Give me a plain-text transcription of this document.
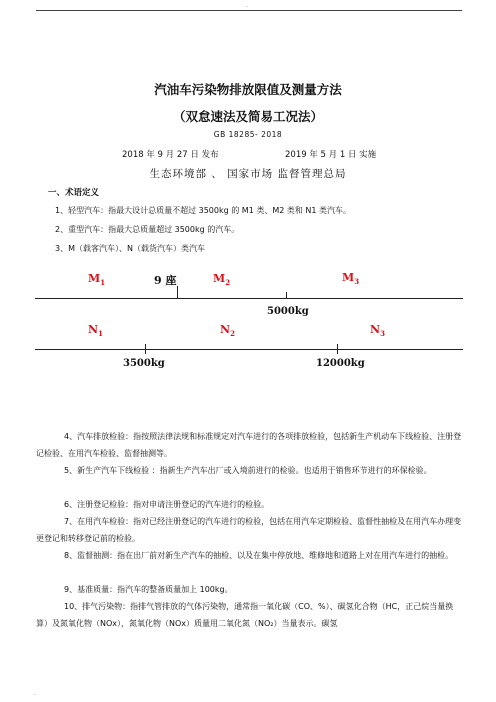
.
汽油车污染物排放限值及测量方法
（双怠速法及简易工况法）
GB 18285- 2018
2018 年 9 月 27 日 发布	2019 年 5 月 1 日 实施
生态环境部 、 国家市场 监督管理总局
一、术语定义
1、轻型汽车：指最大设计总质量不超过 3500kg 的 M1 类、M2 类和 N1 类汽车。
2、重型汽车：指最大总质量超过 3500kg 的汽车。
3、M（载客汽车）、N（载货汽车）类汽车
$M_1$	9 座	$M_2$	$M_3$
5000kg
$N_1$	$N_2$	$N_3$
3500kg	12000kg
4、汽车排放检验：指按照法律法规和标准规定对汽车进行的各项排放检验，包括新生产机动车下线检验、注册登记检验、在用汽车检验、监督抽测等。
5、新生产汽车下线检验 ：指新生产汽车出厂或入境前进行的检验。也适用于销售环节进行的环保检验。
6、注册登记检验：指对申请注册登记的汽车进行的检验。
7、在用汽车检验：指对已经注册登记的汽车进行的检验，包括在用汽车定期检验、监督性抽检及在用汽车办理变更登记和转移登记前的检验。
8、监督抽测：指在出厂前对新生产汽车的抽检、以及在集中停放地、维修地和道路上对在用汽车进行的抽检。
9、基准质量：指汽车的整备质量加上 100kg。
10、排气污染物：指排气管排放的气体污染物，通常指一氧化碳（CO、%）、碳氢化合物（HC，正己烷当量换算）及氮氧化物（NOx），氮氧化物（NOx）质量用二氧化氮（NO₂）当量表示。碳氢
.
